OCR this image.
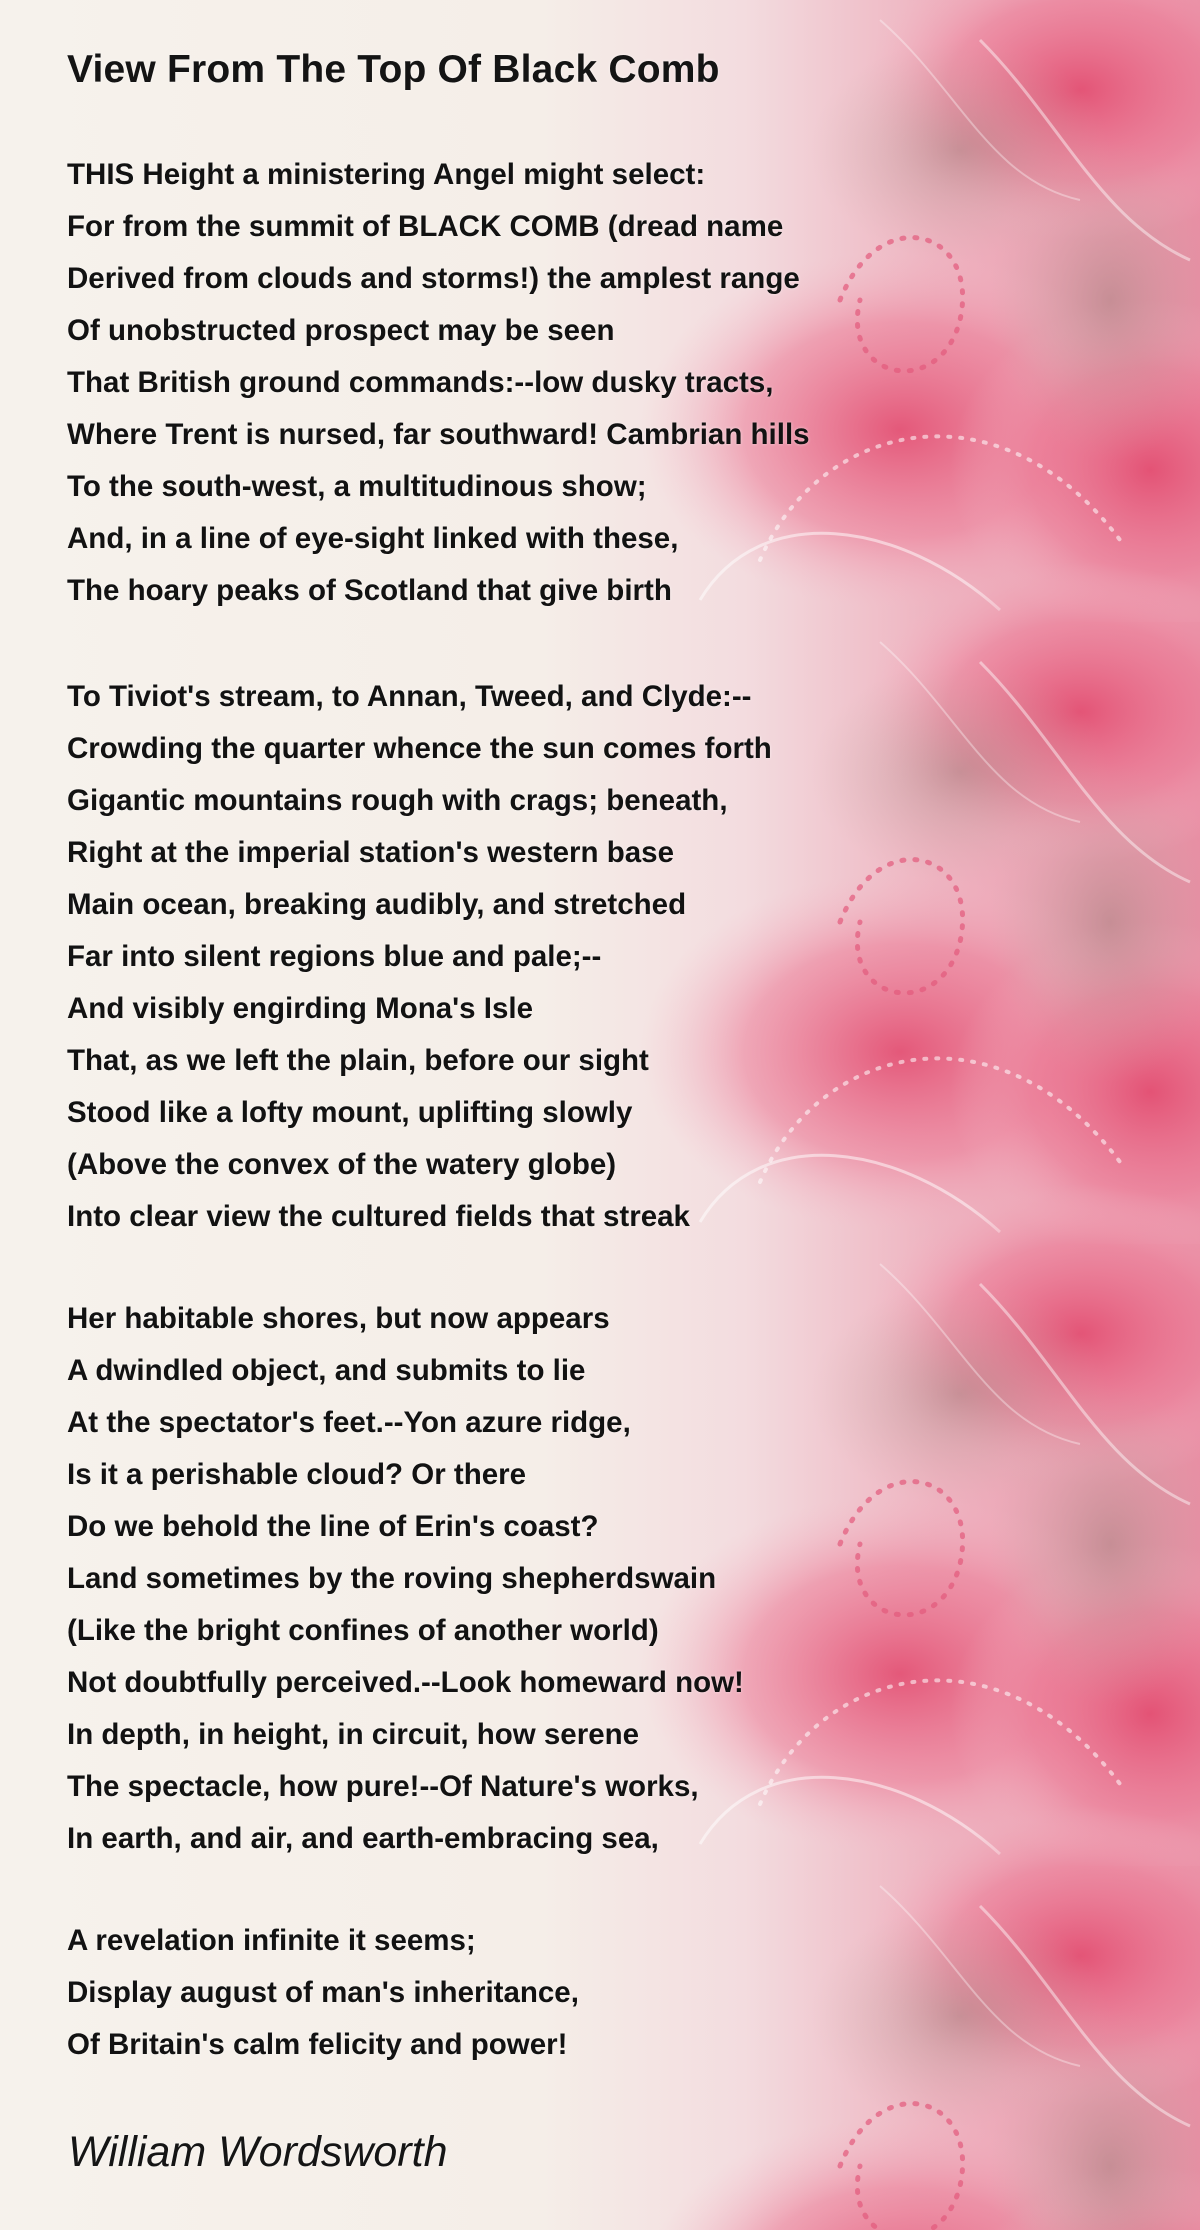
View From The Top Of Black Comb
THIS Height a ministering Angel might select:
For from the summit of BLACK COMB (dread name
Derived from clouds and storms!) the amplest range
Of unobstructed prospect may be seen
That British ground commands:--low dusky tracts,
Where Trent is nursed, far southward! Cambrian hills
To the south-west, a multitudinous show;
And, in a line of eye-sight linked with these,
The hoary peaks of Scotland that give birth
To Tiviot's stream, to Annan, Tweed, and Clyde:--
Crowding the quarter whence the sun comes forth
Gigantic mountains rough with crags; beneath,
Right at the imperial station's western base
Main ocean, breaking audibly, and stretched
Far into silent regions blue and pale;--
And visibly engirding Mona's Isle
That, as we left the plain, before our sight
Stood like a lofty mount, uplifting slowly
(Above the convex of the watery globe)
Into clear view the cultured fields that streak
Her habitable shores, but now appears
A dwindled object, and submits to lie
At the spectator's feet.--Yon azure ridge,
Is it a perishable cloud? Or there
Do we behold the line of Erin's coast?
Land sometimes by the roving shepherdswain
(Like the bright confines of another world)
Not doubtfully perceived.--Look homeward now!
In depth, in height, in circuit, how serene
The spectacle, how pure!--Of Nature's works,
In earth, and air, and earth-embracing sea,
A revelation infinite it seems;
Display august of man's inheritance,
Of Britain's calm felicity and power!
William Wordsworth
